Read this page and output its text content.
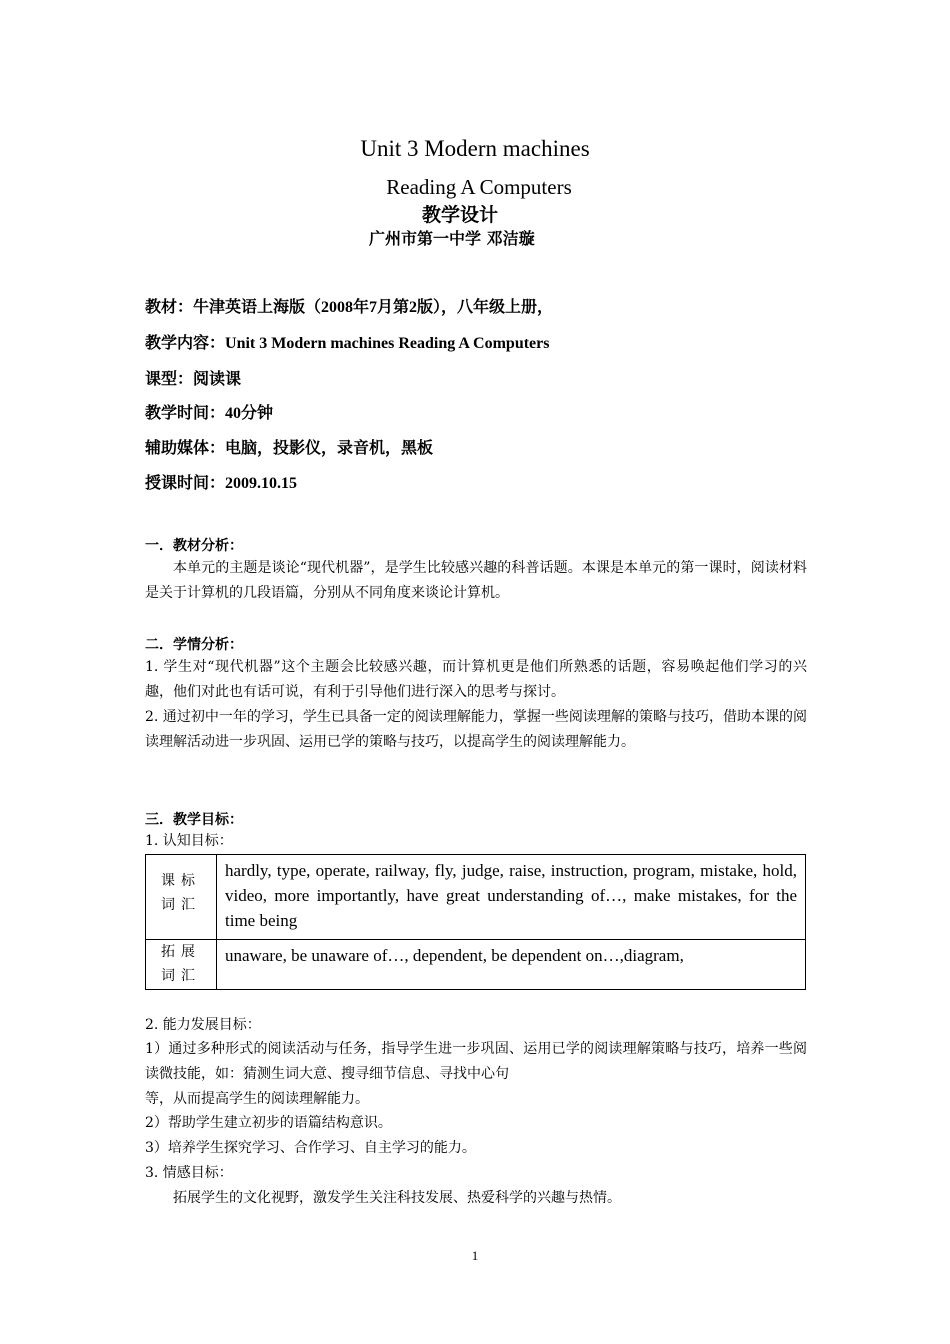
Unit 3 Modern machines
Reading A Computers
教学设计
广州市第一中学 邓洁璇
教材：牛津英语上海版（2008年7月第2版），八年级上册，
教学内容：Unit 3 Modern machines Reading A Computers
课型：阅读课
教学时间：40分钟
辅助媒体：电脑，投影仪，录音机，黑板
授课时间：2009.10.15
一．教材分析：
本单元的主题是谈论“现代机器”，是学生比较感兴趣的科普话题。本课是本单元的第一课时，阅读材料是关于计算机的几段语篇，分别从不同角度来谈论计算机。
二．学情分析：
1. 学生对“现代机器”这个主题会比较感兴趣，而计算机更是他们所熟悉的话题，容易唤起他们学习的兴趣，他们对此也有话可说，有利于引导他们进行深入的思考与探讨。
2. 通过初中一年的学习，学生已具备一定的阅读理解能力，掌握一些阅读理解的策略与技巧，借助本课的阅读理解活动进一步巩固、运用已学的策略与技巧，以提高学生的阅读理解能力。
三．教学目标：
1. 认知目标：
课标
词汇	hardly, type, operate, railway, fly, judge, raise, instruction, program, mistake, hold, video, more importantly, have great understanding of…, make mistakes, for the time being

拓展
词汇	unaware, be unaware of…, dependent, be dependent on…,diagram,
2. 能力发展目标：
1）通过多种形式的阅读活动与任务，指导学生进一步巩固、运用已学的阅读理解策略与技巧，培养一些阅读微技能，如：猜测生词大意、搜寻细节信息、寻找中心句
等，从而提高学生的阅读理解能力。
2）帮助学生建立初步的语篇结构意识。
3）培养学生探究学习、合作学习、自主学习的能力。
3. 情感目标：
拓展学生的文化视野，激发学生关注科技发展、热爱科学的兴趣与热情。
1
